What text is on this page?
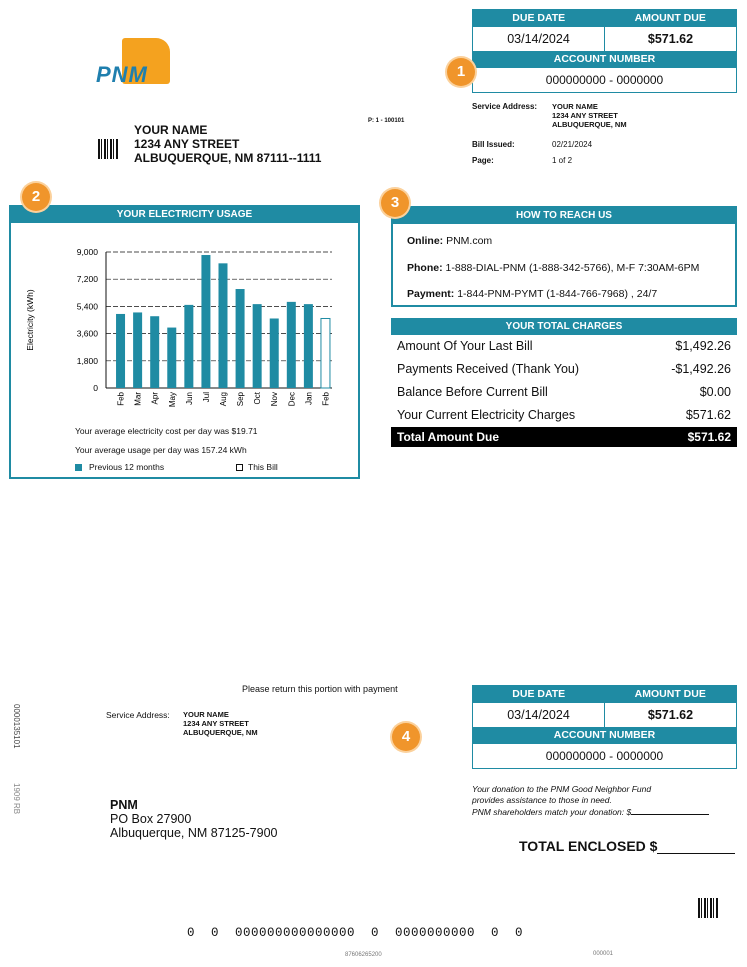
PNM
YOUR NAME
1234 ANY STREET
ALBUQUERQUE, NM 87111--1111
P: 1 - 100101
DUE DATE	AMOUNT DUE
03/14/2024	$571.62
ACCOUNT NUMBER
000000000 - 0000000
1
Service Address:	YOUR NAME
1234 ANY STREET
ALBUQUERQUE, NM
Bill Issued:	02/21/2024
Page:	1 of 2
2
YOUR ELECTRICITY USAGE
0
1,800
3,600
5,400
7,200
9,000
Electricity (kWh)
Feb Mar Apr May Jun Jul Aug Sep Oct Nov Dec Jan Feb
Your average electricity cost per day was $19.71
Your average usage per day was 157.24 kWh
Previous 12 months	This Bill
3
HOW TO REACH US
Online: PNM.com
Phone: 1-888-DIAL-PNM (1-888-342-5766), M-F 7:30AM-6PM
Payment: 1-844-PNM-PYMT (1-844-766-7968) , 24/7
YOUR TOTAL CHARGES
Amount Of Your Last Bill	$1,492.26
Payments Received (Thank You)	-$1,492.26
Balance Before Current Bill	$0.00
Your Current Electricity Charges	$571.62
Total Amount Due	$571.62
Please return this portion with payment
0000135101
1909 RB
Service Address:	YOUR NAME
1234 ANY STREET
ALBUQUERQUE, NM	4
DUE DATE	AMOUNT DUE
03/14/2024	$571.62
ACCOUNT NUMBER
000000000 - 0000000
Your donation to the PNM Good Neighbor Fund
provides assistance to those in need.
PNM shareholders match your donation: $
TOTAL ENCLOSED $
PNM
PO Box 27900
Albuquerque, NM 87125-7900
0  0  000000000000000  0  0000000000  0  0
87606265200	000001
